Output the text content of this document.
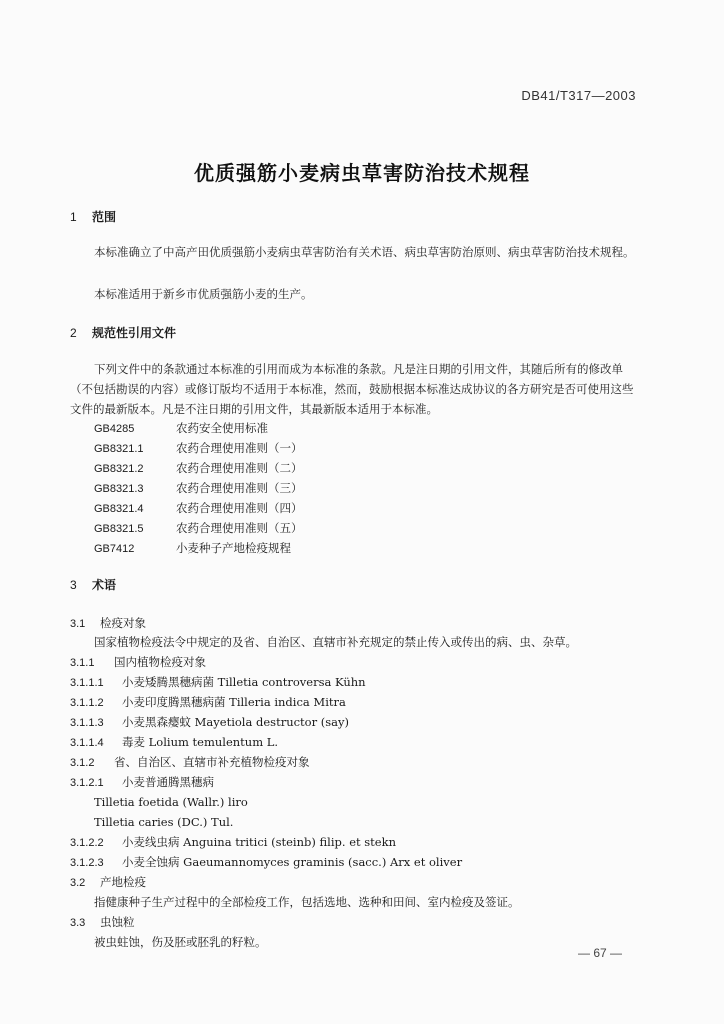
DB41/T317—2003
优质强筋小麦病虫草害防治技术规程
1 范围
本标准确立了中高产田优质强筋小麦病虫草害防治有关术语、病虫草害防治原则、病虫草害防治技术规程。
本标准适用于新乡市优质强筋小麦的生产。
2 规范性引用文件
下列文件中的条款通过本标准的引用而成为本标准的条款。凡是注日期的引用文件，其随后所有的修改单（不包括勘误的内容）或修订版均不适用于本标准，然而，鼓励根据本标准达成协议的各方研究是否可使用这些文件的最新版本。凡是不注日期的引用文件，其最新版本适用于本标准。
GB4285	农药安全使用标准
GB8321.1	农药合理使用准则（一）
GB8321.2	农药合理使用准则（二）
GB8321.3	农药合理使用准则（三）
GB8321.4	农药合理使用准则（四）
GB8321.5	农药合理使用准则（五）
GB7412	小麦种子产地检疫规程
3 术语
3.1 检疫对象
国家植物检疫法令中规定的及省、自治区、直辖市补充规定的禁止传入或传出的病、虫、杂草。
3.1.1 国内植物检疫对象
3.1.1.1 小麦矮腾黑穗病菌 Tilletia controversa Kühn
3.1.1.2 小麦印度腾黑穗病菌 Tilleria indica Mitra
3.1.1.3 小麦黑森瘿蚊 Mayetiola destructor (say)
3.1.1.4 毒麦 Lolium temulentum L.
3.1.2 省、自治区、直辖市补充植物检疫对象
3.1.2.1 小麦普通腾黑穗病
Tilletia foetida (Wallr.) liro
Tilletia caries (DC.) Tul.
3.1.2.2 小麦线虫病 Anguina tritici (steinb) filip. et stekn
3.1.2.3 小麦全蚀病 Gaeumannomyces graminis (sacc.) Arx et oliver
3.2 产地检疫
指健康种子生产过程中的全部检疫工作，包括选地、选种和田间、室内检疫及签证。
3.3 虫蚀粒
被虫蛀蚀，伤及胚或胚乳的籽粒。
— 67 —
